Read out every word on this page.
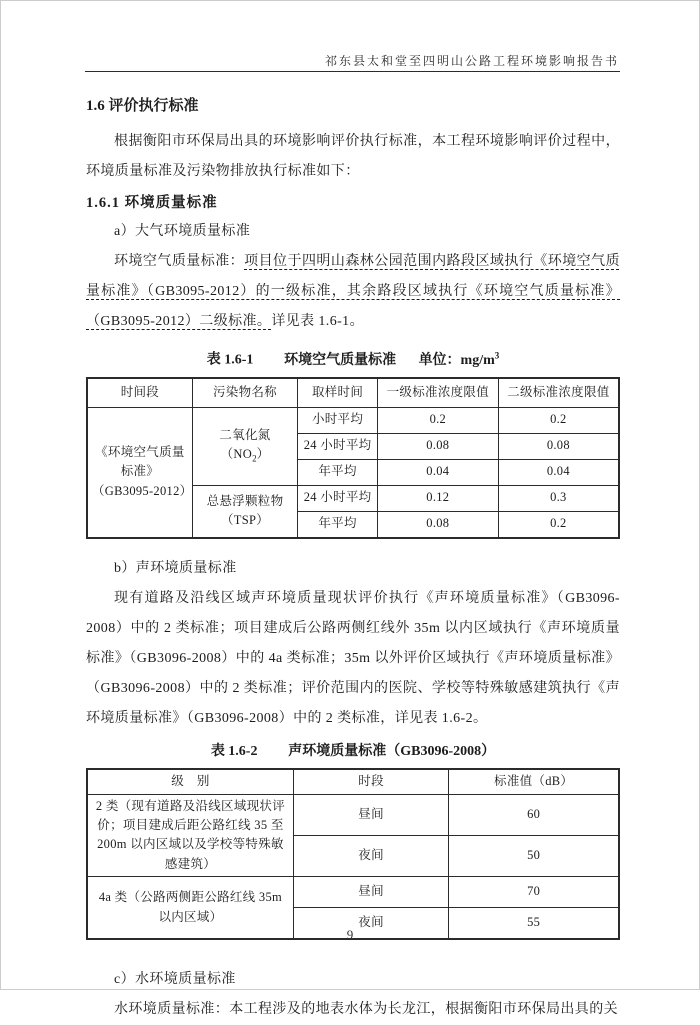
祁东县太和堂至四明山公路工程环境影响报告书
1.6 评价执行标准

根据衡阳市环保局出具的环境影响评价执行标准，本工程环境影响评价过程中，环境质量标准及污染物排放执行标准如下：

1.6.1 环境质量标准

a）大气环境质量标准

环境空气质量标准：项目位于四明山森林公园范围内路段区域执行《环境空气质量标准》（GB3095-2012）的一级标准，其余路段区域执行《环境空气质量标准》（GB3095-2012）二级标准。详见表 1.6-1。

表 1.6-1 环境空气质量标准 单位：$mg/m^3$
时间段	污染物名称	取样时间	一级标准浓度限值	二级标准浓度限值

《环境空气质量
标准》
（GB3095-2012）	二氧化氮$(NO_2)$	小时平均	0.2	0.2
		24 小时平均	0.08	0.08
		年平均	0.04	0.04

	总悬浮颗粒物
（TSP）	24 小时平均	0.12	0.3
		年平均	0.08	0.2

b）声环境质量标准

现有道路及沿线区域声环境质量现状评价执行《声环境质量标准》（GB3096-2008）中的 2 类标准；项目建成后公路两侧红线外 35m 以内区域执行《声环境质量标准》（GB3096-2008）中的 4a 类标准；35m 以外评价区域执行《声环境质量标准》（GB3096-2008）中的 2 类标准；评价范围内的医院、学校等特殊敏感建筑执行《声环境质量标准》（GB3096-2008）中的 2 类标准，详见表 1.6-2。

表 1.6-2 声环境质量标准（GB3096-2008）
级　别	时段	标准值（dB）
2 类（现有道路及沿线区域现状评价；项目建成后距公路红线 35 至 200m 以内区域以及学校等特殊敏感建筑）	昼间	60
	夜间	50
4a 类（公路两侧距公路红线 35m 以内区域）	昼间	70
	夜间	55

c）水环境质量标准

水环境质量标准：本工程涉及的地表水体为长龙江，根据衡阳市环保局出具的关

9
